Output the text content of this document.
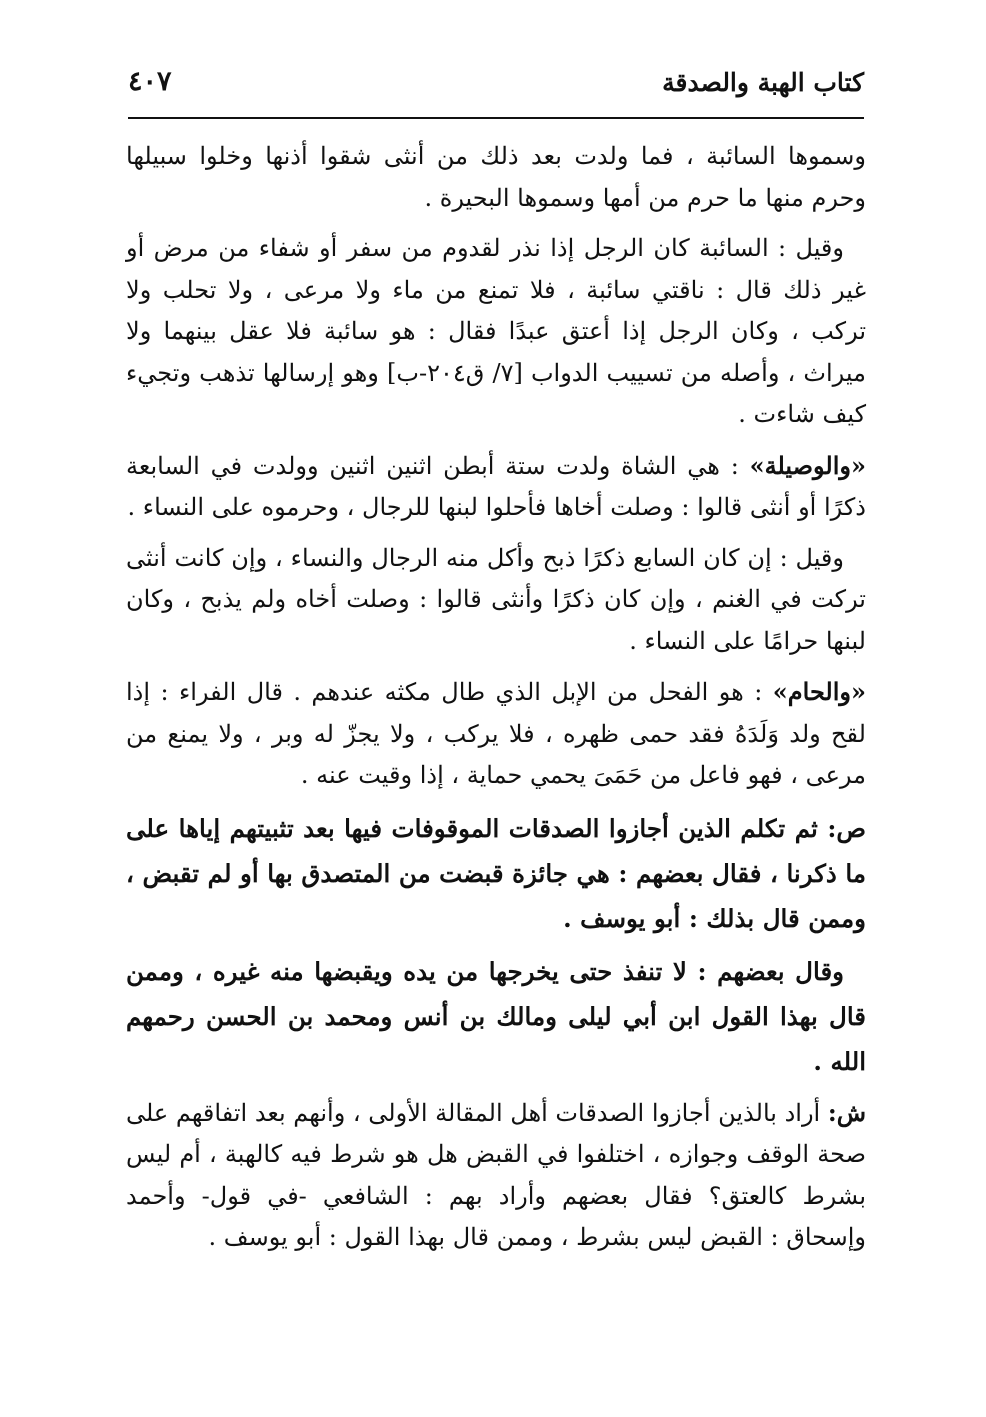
كتاب الهبة والصدقة
٤٠٧

وسموها السائبة ، فما ولدت بعد ذلك من أنثى شقوا أذنها وخلوا سبيلها وحرم منها ما حرم من أمها وسموها البحيرة .

وقيل : السائبة كان الرجل إذا نذر لقدوم من سفر أو شفاء من مرض أو غير ذلك قال : ناقتي سائبة ، فلا تمنع من ماء ولا مرعى ، ولا تحلب ولا تركب ، وكان الرجل إذا أعتق عبدًا فقال : هو سائبة فلا عقل بينهما ولا ميراث ، وأصله من تسييب الدواب [٧/ ق٢٠٤-ب] وهو إرسالها تذهب وتجيء كيف شاءت .

«والوصيلة» : هي الشاة ولدت ستة أبطن اثنين اثنين وولدت في السابعة ذكرًا أو أنثى قالوا : وصلت أخاها فأحلوا لبنها للرجال ، وحرموه على النساء .

وقيل : إن كان السابع ذكرًا ذبح وأكل منه الرجال والنساء ، وإن كانت أنثى تركت في الغنم ، وإن كان ذكرًا وأنثى قالوا : وصلت أخاه ولم يذبح ، وكان لبنها حرامًا على النساء .

«والحام» : هو الفحل من الإبل الذي طال مكثه عندهم . قال الفراء : إذا لقح ولد وَلَدَهُ فقد حمى ظهره ، فلا يركب ، ولا يجزّ له وبر ، ولا يمنع من مرعى ، فهو فاعل من حَمَىَ يحمي حماية ، إذا وقيت عنه .

ص: ثم تكلم الذين أجازوا الصدقات الموقوفات فيها بعد تثبيتهم إياها على ما ذكرنا ، فقال بعضهم : هي جائزة قبضت من المتصدق بها أو لم تقبض ، وممن قال بذلك : أبو يوسف .

وقال بعضهم : لا تنفذ حتى يخرجها من يده ويقبضها منه غيره ، وممن قال بهذا القول ابن أبي ليلى ومالك بن أنس ومحمد بن الحسن رحمهم الله .

ش: أراد بالذين أجازوا الصدقات أهل المقالة الأولى ، وأنهم بعد اتفاقهم على صحة الوقف وجوازه ، اختلفوا في القبض هل هو شرط فيه كالهبة ، أم ليس بشرط كالعتق؟ فقال بعضهم وأراد بهم : الشافعي -في قول- وأحمد وإسحاق : القبض ليس بشرط ، وممن قال بهذا القول : أبو يوسف .
